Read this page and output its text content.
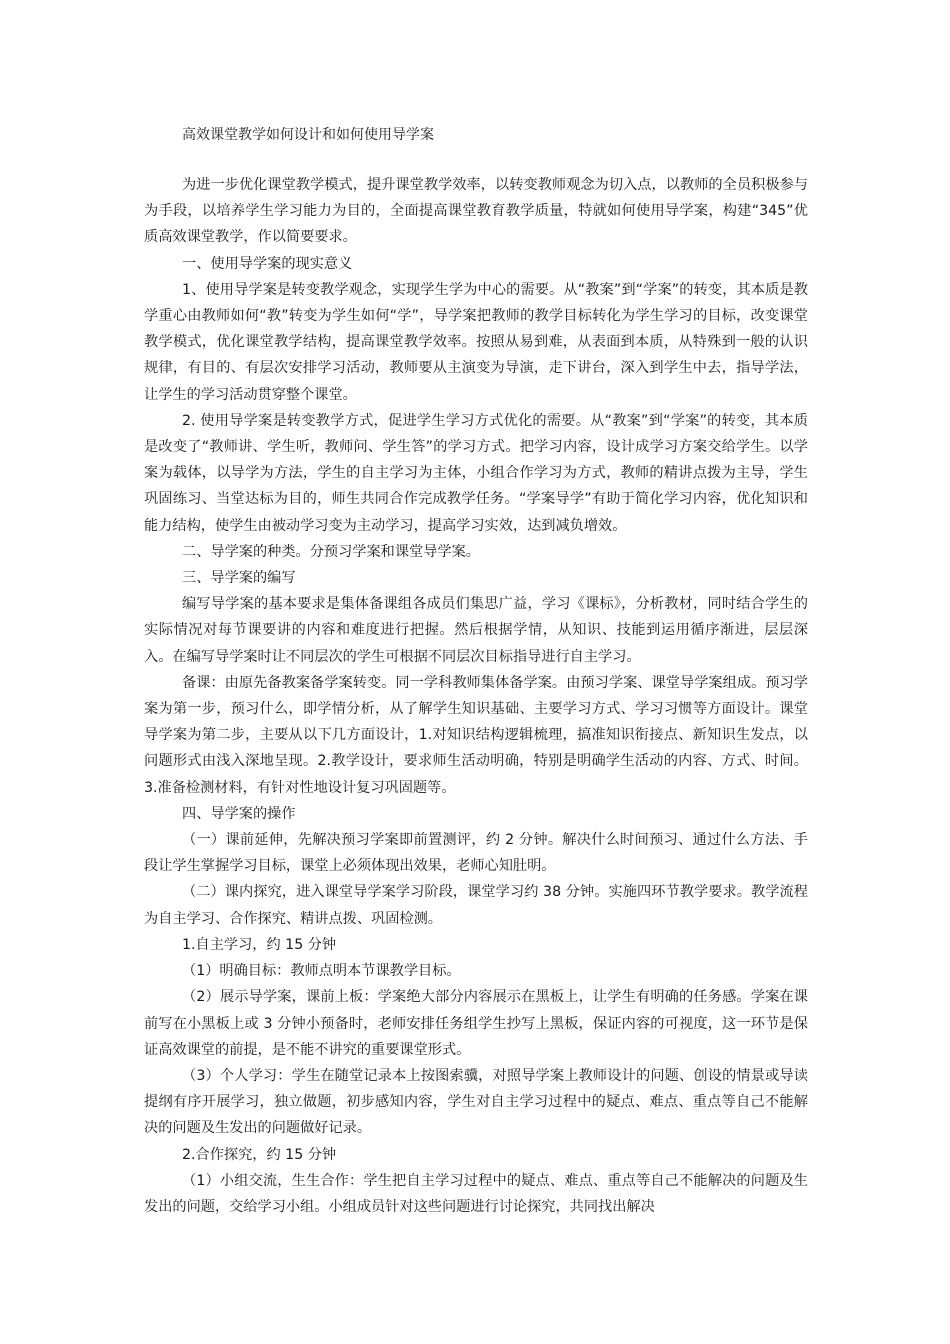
高效课堂教学如何设计和如何使用导学案

为进一步优化课堂教学模式，提升课堂教学效率，以转变教师观念为切入点，以教师的全员积极参与为手段，以培养学生学习能力为目的，全面提高课堂教育教学质量，特就如何使用导学案，构建“345”优质高效课堂教学，作以简要要求。

一、使用导学案的现实意义

1、使用导学案是转变教学观念，实现学生学为中心的需要。从“教案”到“学案”的转变，其本质是教学重心由教师如何“教”转变为学生如何“学”，导学案把教师的教学目标转化为学生学习的目标，改变课堂教学模式，优化课堂教学结构，提高课堂教学效率。按照从易到难，从表面到本质，从特殊到一般的认识规律，有目的、有层次安排学习活动，教师要从主演变为导演，走下讲台，深入到学生中去，指导学法，让学生的学习活动贯穿整个课堂。

2. 使用导学案是转变教学方式，促进学生学习方式优化的需要。从“教案”到“学案”的转变，其本质是改变了“教师讲、学生听，教师问、学生答”的学习方式。把学习内容，设计成学习方案交给学生。以学案为载体，以导学为方法，学生的自主学习为主体，小组合作学习为方式，教师的精讲点拨为主导，学生巩固练习、当堂达标为目的，师生共同合作完成教学任务。“学案导学”有助于简化学习内容，优化知识和能力结构，使学生由被动学习变为主动学习，提高学习实效，达到减负增效。

二、导学案的种类。分预习学案和课堂导学案。

三、导学案的编写

编写导学案的基本要求是集体备课组各成员们集思广益，学习《课标》，分析教材，同时结合学生的实际情况对每节课要讲的内容和难度进行把握。然后根据学情，从知识、技能到运用循序渐进，层层深入。在编写导学案时让不同层次的学生可根据不同层次目标指导进行自主学习。

备课：由原先备教案备学案转变。同一学科教师集体备学案。由预习学案、课堂导学案组成。预习学案为第一步，预习什么，即学情分析，从了解学生知识基础、主要学习方式、学习习惯等方面设计。课堂导学案为第二步，主要从以下几方面设计，1.对知识结构逻辑梳理，搞准知识衔接点、新知识生发点，以问题形式由浅入深地呈现。2.教学设计，要求师生活动明确，特别是明确学生活动的内容、方式、时间。3.准备检测材料，有针对性地设计复习巩固题等。

四、导学案的操作

（一）课前延伸，先解决预习学案即前置测评，约 2 分钟。解决什么时间预习、通过什么方法、手段让学生掌握学习目标，课堂上必须体现出效果，老师心知肚明。

（二）课内探究，进入课堂导学案学习阶段，课堂学习约 38 分钟。实施四环节教学要求。教学流程为自主学习、合作探究、精讲点拨、巩固检测。

1.自主学习，约 15 分钟

（1）明确目标：教师点明本节课教学目标。

（2）展示导学案，课前上板：学案绝大部分内容展示在黑板上，让学生有明确的任务感。学案在课前写在小黑板上或 3 分钟小预备时，老师安排任务组学生抄写上黑板，保证内容的可视度，这一环节是保证高效课堂的前提，是不能不讲究的重要课堂形式。

（3）个人学习：学生在随堂记录本上按图索骥，对照导学案上教师设计的问题、创设的情景或导读提纲有序开展学习，独立做题，初步感知内容，学生对自主学习过程中的疑点、难点、重点等自己不能解决的问题及生发出的问题做好记录。

2.合作探究，约 15 分钟

（1）小组交流，生生合作：学生把自主学习过程中的疑点、难点、重点等自己不能解决的问题及生发出的问题，交给学习小组。小组成员针对这些问题进行讨论探究，共同找出解决
